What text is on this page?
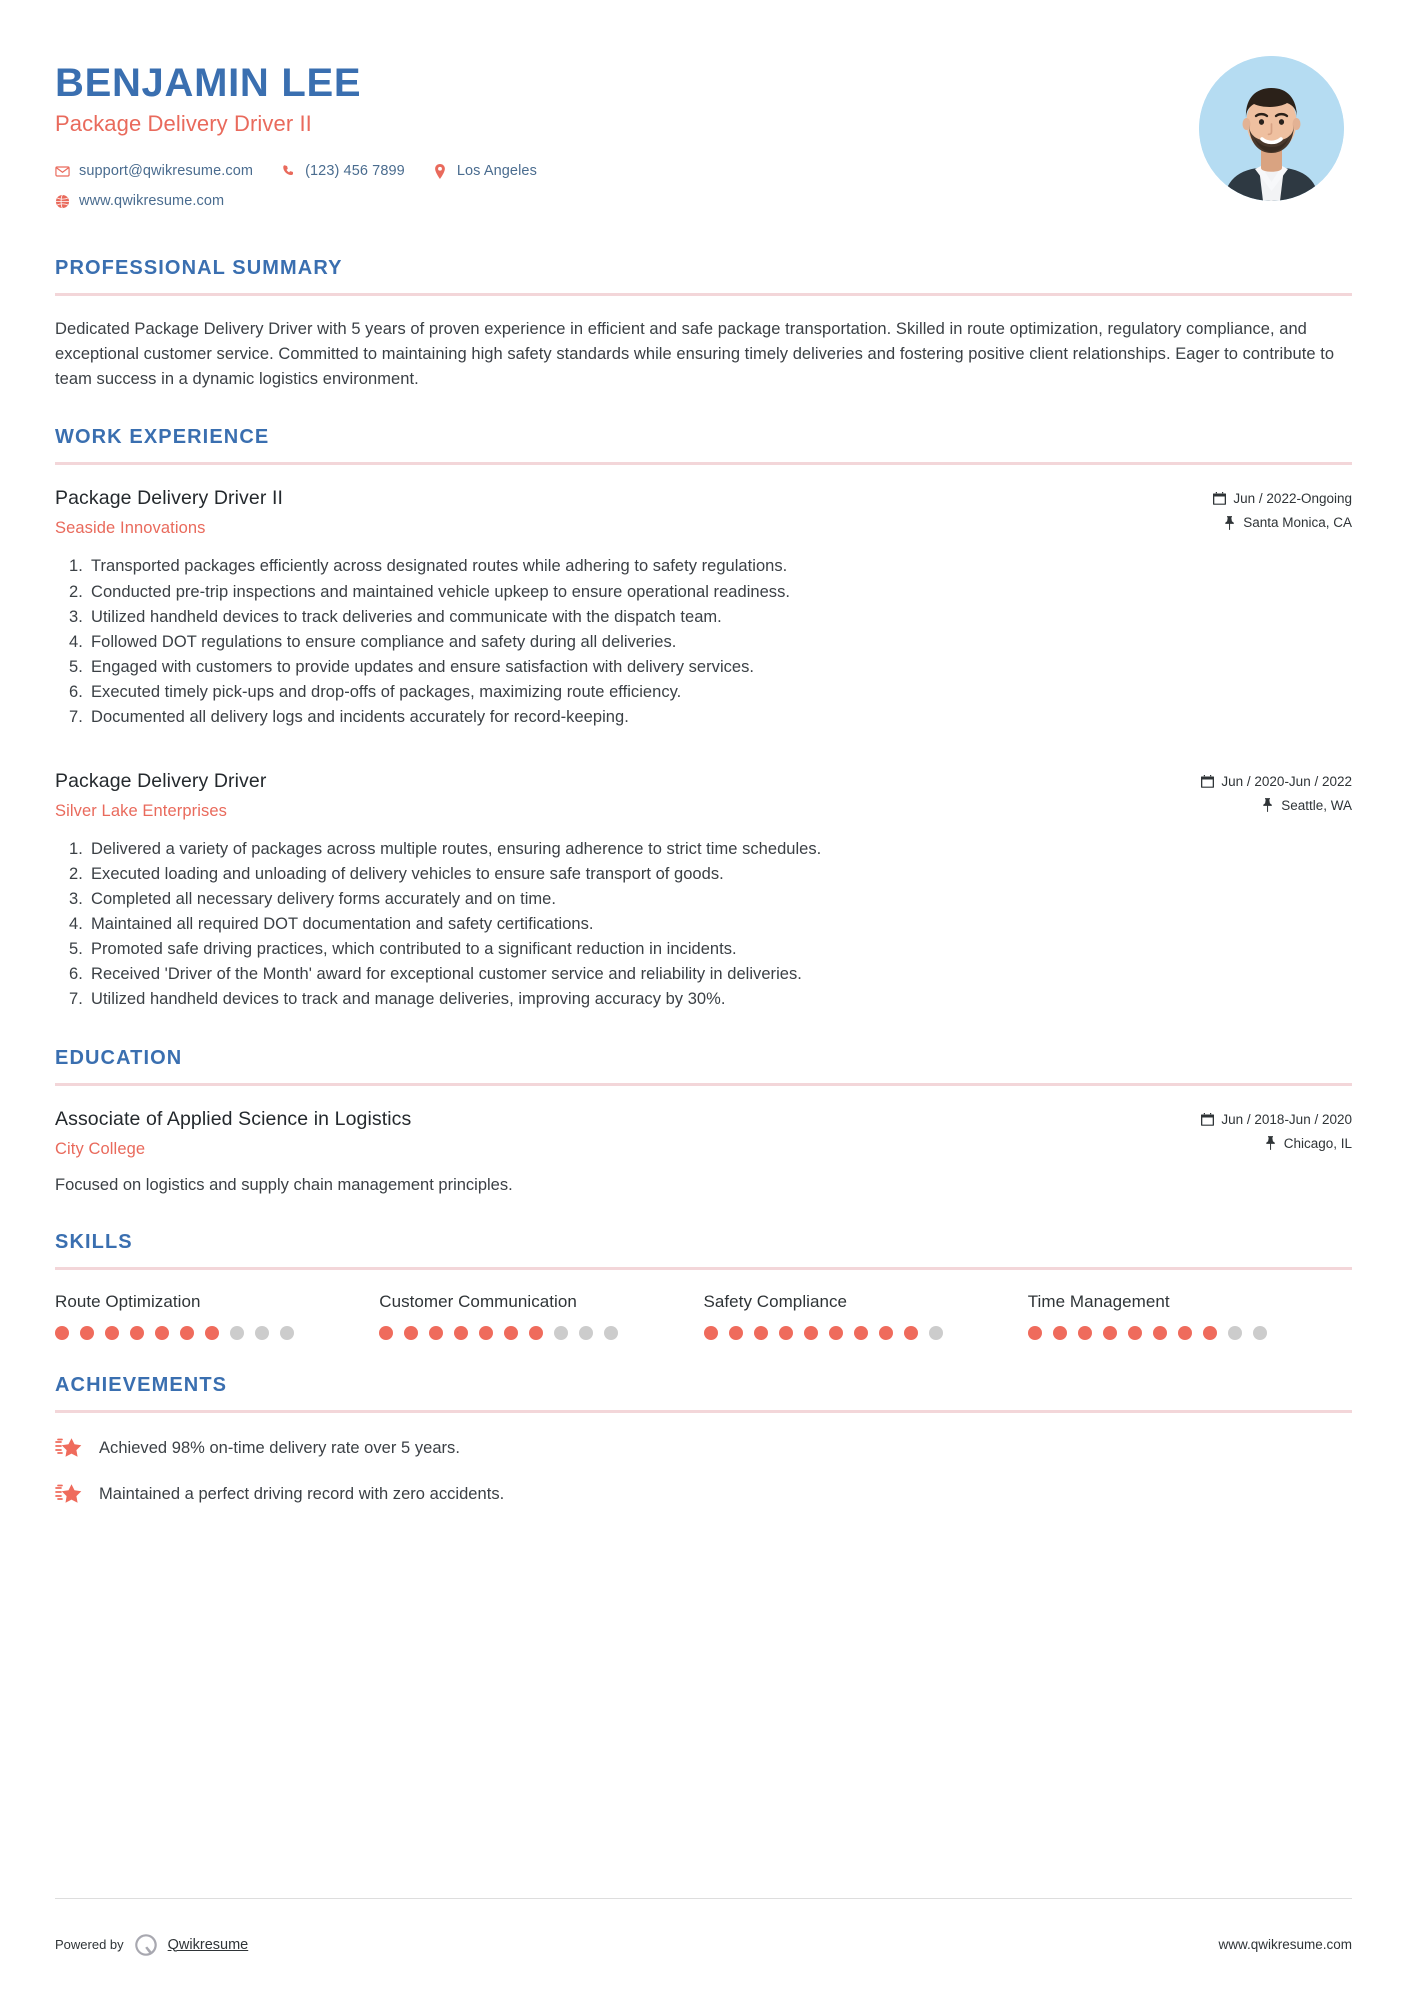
BENJAMIN LEE
Package Delivery Driver II
support@qwikresume.com	(123) 456 7899	Los Angeles
www.qwikresume.com
PROFESSIONAL SUMMARY

Dedicated Package Delivery Driver with 5 years of proven experience in efficient and safe package transportation. Skilled in route optimization, regulatory compliance, and exceptional customer service. Committed to maintaining high safety standards while ensuring timely deliveries and fostering positive client relationships. Eager to contribute to team success in a dynamic logistics environment.

WORK EXPERIENCE
Package Delivery Driver II
Seaside Innovations
Jun / 2022-Ongoing
Santa Monica, CA
Transported packages efficiently across designated routes while adhering to safety regulations.
Conducted pre-trip inspections and maintained vehicle upkeep to ensure operational readiness.
Utilized handheld devices to track deliveries and communicate with the dispatch team.
Followed DOT regulations to ensure compliance and safety during all deliveries.
Engaged with customers to provide updates and ensure satisfaction with delivery services.
Executed timely pick-ups and drop-offs of packages, maximizing route efficiency.
Documented all delivery logs and incidents accurately for record-keeping.
Package Delivery Driver
Silver Lake Enterprises
Jun / 2020-Jun / 2022
Seattle, WA
Delivered a variety of packages across multiple routes, ensuring adherence to strict time schedules.
Executed loading and unloading of delivery vehicles to ensure safe transport of goods.
Completed all necessary delivery forms accurately and on time.
Maintained all required DOT documentation and safety certifications.
Promoted safe driving practices, which contributed to a significant reduction in incidents.
Received 'Driver of the Month' award for exceptional customer service and reliability in deliveries.
Utilized handheld devices to track and manage deliveries, improving accuracy by 30%.
EDUCATION
Associate of Applied Science in Logistics
City College
Jun / 2018-Jun / 2020
Chicago, IL
Focused on logistics and supply chain management principles.
SKILLS
Route Optimization	Customer Communication	Safety Compliance	Time Management
ACHIEVEMENTS
Achieved 98% on-time delivery rate over 5 years.
Maintained a perfect driving record with zero accidents.
Powered by	Qwikresume	www.qwikresume.com
